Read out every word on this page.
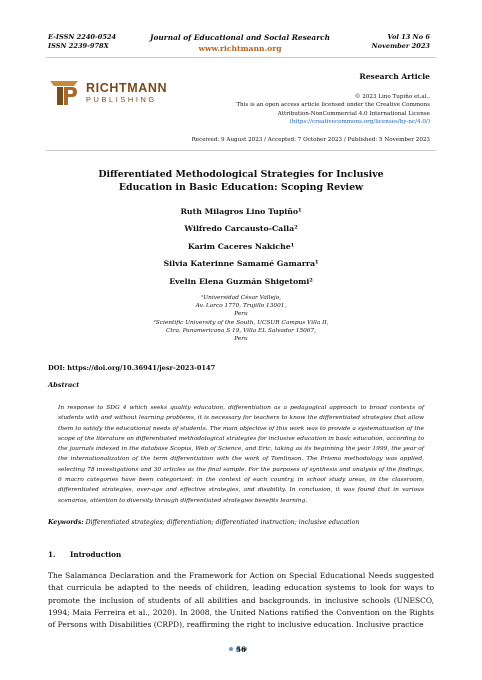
E-ISSN 2240-0524
ISSN 2239-978X
Journal of Educational and Social Research
www.richtmann.org
Vol 13 No 6
November 2023
RICHTMANN
PUBLISHING
Research Article
© 2023 Lino Tupiño et.al..
This is an open access article licensed under the Creative Commons
Attribution-NonCommercial 4.0 International License
(https://creativecommons.org/licenses/by-nc/4.0/)
Received: 9 August 2023 / Accepted: 7 October 2023 / Published: 5 November 2023
Differentiated Methodological Strategies for Inclusive
Education in Basic Education: Scoping Review
Ruth Milagros Lino Tupiño¹
Wilfredo Carcausto-Calla²
Karim Caceres Nakiche¹
Silvia Katerinne Samamé Gamarra¹
Evelin Elena Guzmán Shigetomi²
¹Universidad César Vallejo,
Av. Larco 1770, Trujillo 13001,
Peru
²Scientific University of the South, UCSUR Campus Villa II,
Ctra. Panamericana S 19, Villa EL Salvador 15067,
Peru
DOI: https://doi.org/10.36941/jesr-2023-0147
Abstract
In response to SDG 4 which seeks quality education, differentiation as a pedagogical approach to broad contexts of students with and without learning problems, it is necessary for teachers to know the differentiated strategies that allow them to satisfy the educational needs of students. The main objective of this work was to provide a systematization of the scope of the literature on differentiated methodological strategies for inclusive education in basic education, according to the journals indexed in the database Scopus, Web of Science, and Eric, taking as its beginning the year 1999, the year of the internationalization of the term differentiation with the work of Tomlinson. The Prisma methodology was applied, selecting 78 investigations and 30 articles as the final sample. For the purposes of synthesis and analysis of the findings, 6 macro categories have been categorized: in the context of each country, in school study areas, in the classroom, differentiated strategies, over-age and effective strategies, and disability. In conclusion, it was found that in various scenarios, attention to diversity through differentiated strategies benefits learning.
Keywords: Differentiated strategies; differentiation; differentiated instruction; inclusive education
1. Introduction
The Salamanca Declaration and the Framework for Action on Special Educational Needs suggested that curricula be adapted to the needs of children, leading education systems to look for ways to promote the inclusion of students of all abilities and backgrounds. in inclusive schools (UNESCO, 1994; Maia Ferreira et al., 2020). In 2008, the United Nations ratified the Convention on the Rights of Persons with Disabilities (CRPD), reaffirming the right to inclusive education. Inclusive practice
56
